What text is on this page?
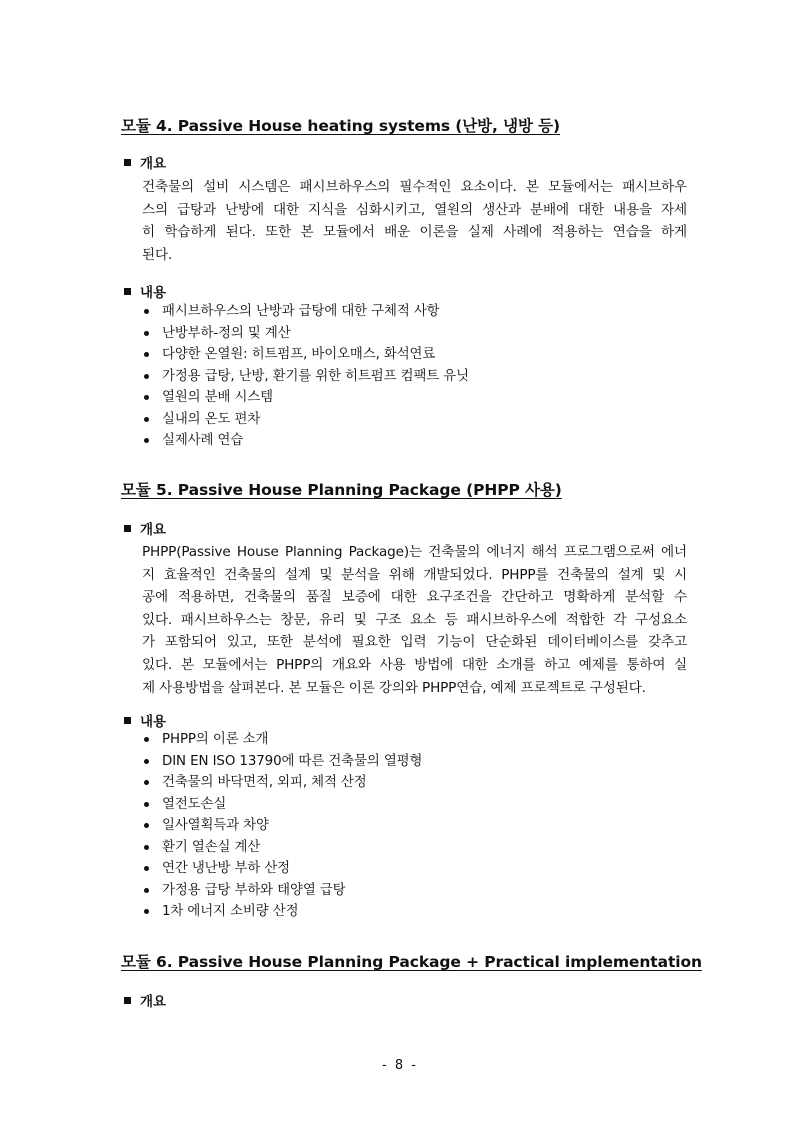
모듈 4. Passive House heating systems (난방, 냉방 등)
개요
건축물의 설비 시스템은 패시브하우스의 필수적인 요소이다. 본 모듈에서는 패시브하우
스의 급탕과 난방에 대한 지식을 심화시키고, 열원의 생산과 분배에 대한 내용을 자세
히 학습하게 된다. 또한 본 모듈에서 배운 이론을 실제 사례에 적용하는 연습을 하게
된다.
내용
패시브하우스의 난방과 급탕에 대한 구체적 사항
난방부하-정의 및 계산
다양한 온열원: 히트펌프, 바이오매스, 화석연료
가정용 급탕, 난방, 환기를 위한 히트펌프 컴팩트 유닛
열원의 분배 시스템
실내의 온도 편차
실제사례 연습
모듈 5. Passive House Planning Package (PHPP 사용)
개요
PHPP(Passive House Planning Package)는 건축물의 에너지 해석 프로그램으로써 에너
지 효율적인 건축물의 설계 및 분석을 위해 개발되었다. PHPP를 건축물의 설계 및 시
공에 적용하면, 건축물의 품질 보증에 대한 요구조건을 간단하고 명확하게 분석할 수
있다. 패시브하우스는 창문, 유리 및 구조 요소 등 패시브하우스에 적합한 각 구성요소
가 포함되어 있고, 또한 분석에 필요한 입력 기능이 단순화된 데이터베이스를 갖추고
있다. 본 모듈에서는 PHPP의 개요와 사용 방법에 대한 소개를 하고 예제를 통하여 실
제 사용방법을 살펴본다. 본 모듈은 이론 강의와 PHPP연습, 예제 프로젝트로 구성된다.
내용
PHPP의 이론 소개
DIN EN ISO 13790에 따른 건축물의 열평형
건축물의 바닥면적, 외피, 체적 산정
열전도손실
일사열획득과 차양
환기 열손실 계산
연간 냉난방 부하 산정
가정용 급탕 부하와 태양열 급탕
1차 에너지 소비량 산정
모듈 6. Passive House Planning Package + Practical implementation
개요
- 8 -
